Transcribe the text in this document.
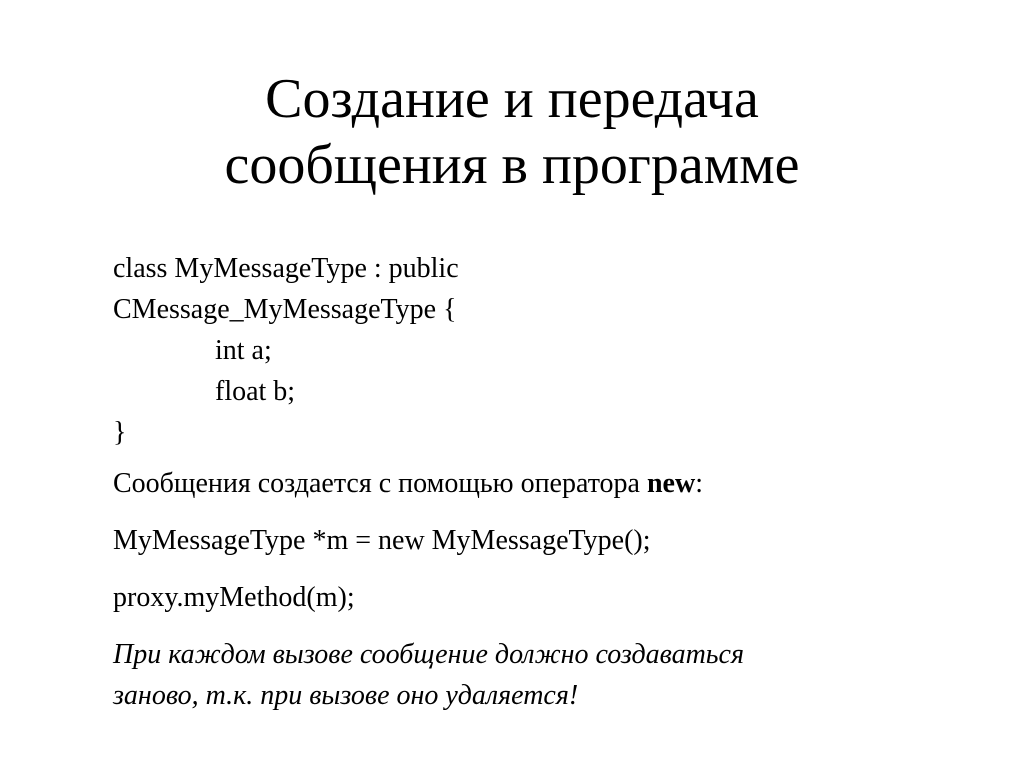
Создание и передача
сообщения в программе
class MyMessageType : public
CMessage_MyMessageType {
int a;
float b;
}
Сообщения создается с помощью оператора new:
MyMessageType *m = new MyMessageType();
proxy.myMethod(m);
При каждом вызове сообщение должно создаваться
заново, т.к. при вызове оно удаляется!
